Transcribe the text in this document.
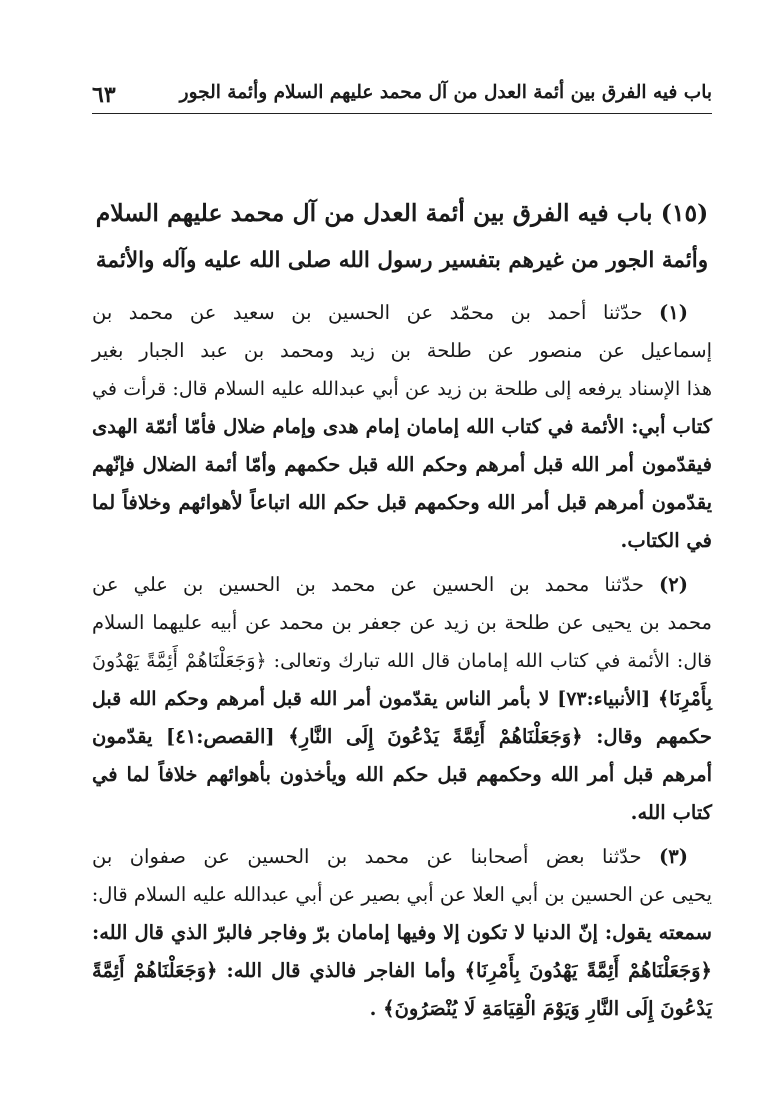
باب فيه الفرق بين أئمة العدل من آل محمد عليهم السلام وأئمة الجور
٦٣
(١٥) باب فيه الفرق بين أئمة العدل من آل محمد عليهم السلام
وأئمة الجور من غيرهم بتفسير رسول الله صلى الله عليه وآله والأئمة
(١) حدّثنا أحمد بن محمّد عن الحسين بن سعيد عن محمد بن
إسماعيل عن منصور عن طلحة بن زيد ومحمد بن عبد الجبار بغير
هذا الإسناد يرفعه إلى طلحة بن زيد عن أبي عبدالله عليه السلام قال: قرأت في
كتاب أبي: الأئمة في كتاب الله إمامان إمام هدى وإمام ضلال فأمّا أئمّة الهدى
فيقدّمون أمر الله قبل أمرهم وحكم الله قبل حكمهم وأمّا أئمة الضلال فإنّهم
يقدّمون أمرهم قبل أمر الله وحكمهم قبل حكم الله اتباعاً لأهوائهم وخلافاً لما
في الكتاب.
(٢) حدّثنا محمد بن الحسين عن محمد بن الحسين بن علي عن
محمد بن يحيى عن طلحة بن زيد عن جعفر بن محمد عن أبيه عليهما السلام
قال: الأئمة في كتاب الله إمامان قال الله تبارك وتعالى: ﴿وَجَعَلْنَاهُمْ أَئِمَّةً يَهْدُونَ
بِأَمْرِنَا﴾ [الأنبياء:٧٣] لا بأمر الناس يقدّمون أمر الله قبل أمرهم وحكم الله قبل
حكمهم وقال: ﴿وَجَعَلْنَاهُمْ أَئِمَّةً يَدْعُونَ إِلَى النَّارِ﴾ [القصص:٤١] يقدّمون
أمرهم قبل أمر الله وحكمهم قبل حكم الله ويأخذون بأهوائهم خلافاً لما في
كتاب الله.
(٣) حدّثنا بعض أصحابنا عن محمد بن الحسين عن صفوان بن
يحيى عن الحسين بن أبي العلا عن أبي بصير عن أبي عبدالله عليه السلام قال:
سمعته يقول: إنّ الدنيا لا تكون إلا وفيها إمامان برّ وفاجر فالبرّ الذي قال الله:
﴿وَجَعَلْنَاهُمْ أَئِمَّةً يَهْدُونَ بِأَمْرِنَا﴾ وأما الفاجر فالذي قال الله: ﴿وَجَعَلْنَاهُمْ أَئِمَّةً
يَدْعُونَ إِلَى النَّارِ وَيَوْمَ الْقِيَامَةِ لَا يُنْصَرُونَ﴾ .
